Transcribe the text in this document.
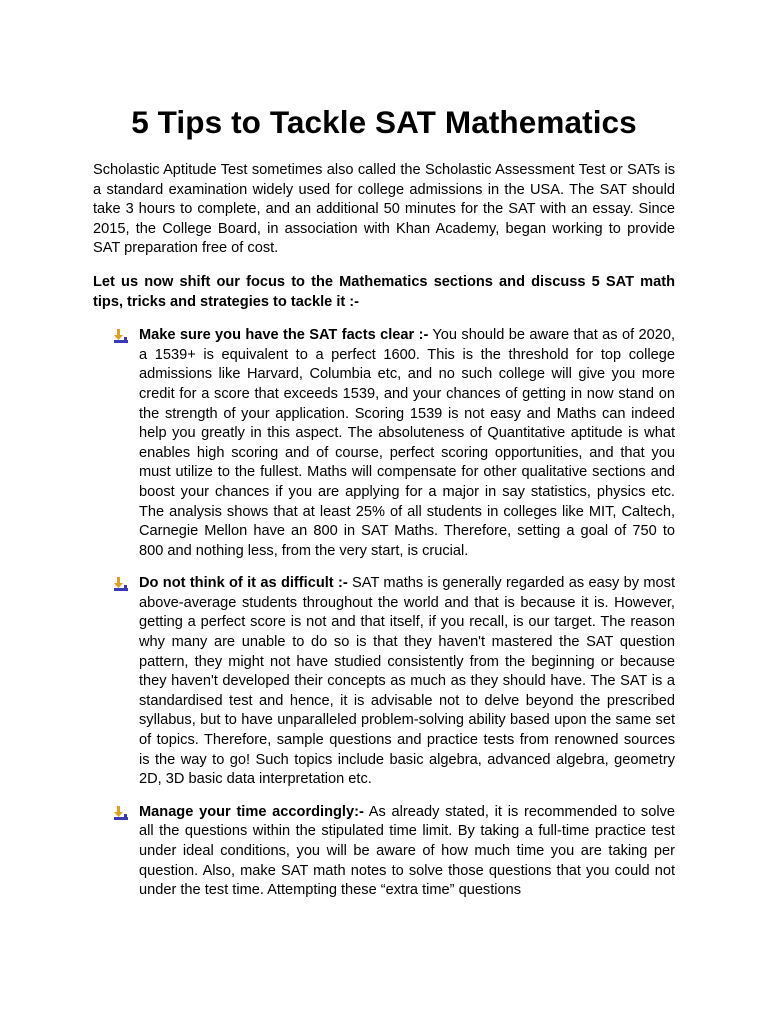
5 Tips to Tackle SAT Mathematics

Scholastic Aptitude Test sometimes also called the Scholastic Assessment Test or SATs is a standard examination widely used for college admissions in the USA. The SAT should take 3 hours to complete, and an additional 50 minutes for the SAT with an essay. Since 2015, the College Board, in association with Khan Academy, began working to provide SAT preparation free of cost.

Let us now shift our focus to the Mathematics sections and discuss 5 SAT math tips, tricks and strategies to tackle it :-

Make sure you have the SAT facts clear :- You should be aware that as of 2020, a 1539+ is equivalent to a perfect 1600. This is the threshold for top college admissions like Harvard, Columbia etc, and no such college will give you more credit for a score that exceeds 1539, and your chances of getting in now stand on the strength of your application. Scoring 1539 is not easy and Maths can indeed help you greatly in this aspect. The absoluteness of Quantitative aptitude is what enables high scoring and of course, perfect scoring opportunities, and that you must utilize to the fullest. Maths will compensate for other qualitative sections and boost your chances if you are applying for a major in say statistics, physics etc. The analysis shows that at least 25% of all students in colleges like MIT, Caltech, Carnegie Mellon have an 800 in SAT Maths. Therefore, setting a goal of 750 to 800 and nothing less, from the very start, is crucial.
Do not think of it as difficult :- SAT maths is generally regarded as easy by most above-average students throughout the world and that is because it is. However, getting a perfect score is not and that itself, if you recall, is our target. The reason why many are unable to do so is that they haven't mastered the SAT question pattern, they might not have studied consistently from the beginning or because they haven't developed their concepts as much as they should have. The SAT is a standardised test and hence, it is advisable not to delve beyond the prescribed syllabus, but to have unparalleled problem-solving ability based upon the same set of topics. Therefore, sample questions and practice tests from renowned sources is the way to go! Such topics include basic algebra, advanced algebra, geometry 2D, 3D basic data interpretation etc.
Manage your time accordingly:- As already stated, it is recommended to solve all the questions within the stipulated time limit. By taking a full-time practice test under ideal conditions, you will be aware of how much time you are taking per question. Also, make SAT math notes to solve those questions that you could not under the test time. Attempting these “extra time” questions
